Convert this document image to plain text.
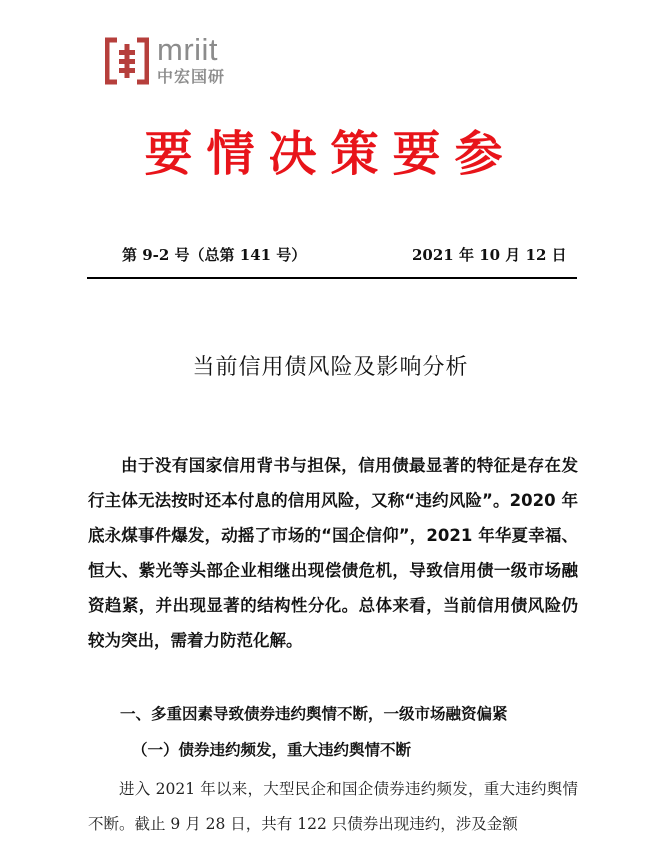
mriit
中宏国研
要情决策要参
第 9-2 号（总第 141 号）	2021 年 10 月 12 日
当前信用债风险及影响分析
由于没有国家信用背书与担保，信用债最显著的特征是存在发行主体无法按时还本付息的信用风险，又称“违约风险”。2020 年底永煤事件爆发，动摇了市场的“国企信仰”，2021 年华夏幸福、恒大、紫光等头部企业相继出现偿债危机，导致信用债一级市场融资趋紧，并出现显著的结构性分化。总体来看，当前信用债风险仍较为突出，需着力防范化解。
一、多重因素导致债券违约舆情不断，一级市场融资偏紧
（一）债券违约频发，重大违约舆情不断
进入 2021 年以来，大型民企和国企债券违约频发，重大违约舆情不断。截止 9 月 28 日，共有 122 只债券出现违约，涉及金额
